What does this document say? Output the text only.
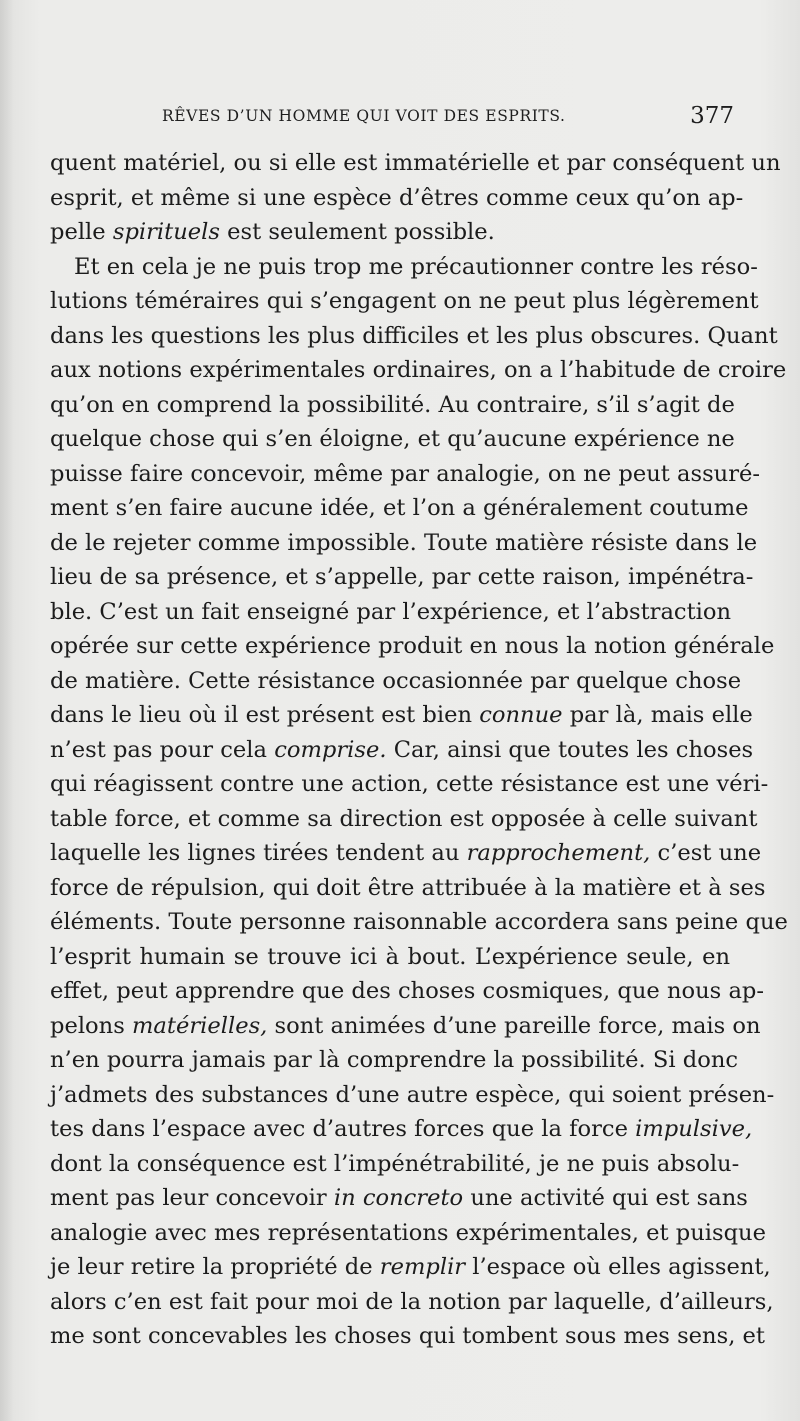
RÊVES D’UN HOMME QUI VOIT DES ESPRITS.	377
quent matériel, ou si elle est immatérielle et par conséquent un
esprit, et même si une espèce d’êtres comme ceux qu’on ap-
pelle spirituels est seulement possible.
Et en cela je ne puis trop me précautionner contre les réso-
lutions téméraires qui s’engagent on ne peut plus légèrement
dans les questions les plus difficiles et les plus obscures. Quant
aux notions expérimentales ordinaires, on a l’habitude de croire
qu’on en comprend la possibilité. Au contraire, s’il s’agit de
quelque chose qui s’en éloigne, et qu’aucune expérience ne
puisse faire concevoir, même par analogie, on ne peut assuré-
ment s’en faire aucune idée, et l’on a généralement coutume
de le rejeter comme impossible. Toute matière résiste dans le
lieu de sa présence, et s’appelle, par cette raison, impénétra-
ble. C’est un fait enseigné par l’expérience, et l’abstraction
opérée sur cette expérience produit en nous la notion générale
de matière. Cette résistance occasionnée par quelque chose
dans le lieu où il est présent est bien connue par là, mais elle
n’est pas pour cela comprise. Car, ainsi que toutes les choses
qui réagissent contre une action, cette résistance est une véri-
table force, et comme sa direction est opposée à celle suivant
laquelle les lignes tirées tendent au rapprochement, c’est une
force de répulsion, qui doit être attribuée à la matière et à ses
éléments. Toute personne raisonnable accordera sans peine que
l’esprit humain se trouve ici à bout. L’expérience seule, en
effet, peut apprendre que des choses cosmiques, que nous ap-
pelons matérielles, sont animées d’une pareille force, mais on
n’en pourra jamais par là comprendre la possibilité. Si donc
j’admets des substances d’une autre espèce, qui soient présen-
tes dans l’espace avec d’autres forces que la force impulsive,
dont la conséquence est l’impénétrabilité, je ne puis absolu-
ment pas leur concevoir in concreto une activité qui est sans
analogie avec mes représentations expérimentales, et puisque
je leur retire la propriété de remplir l’espace où elles agissent,
alors c’en est fait pour moi de la notion par laquelle, d’ailleurs,
me sont concevables les choses qui tombent sous mes sens, et
